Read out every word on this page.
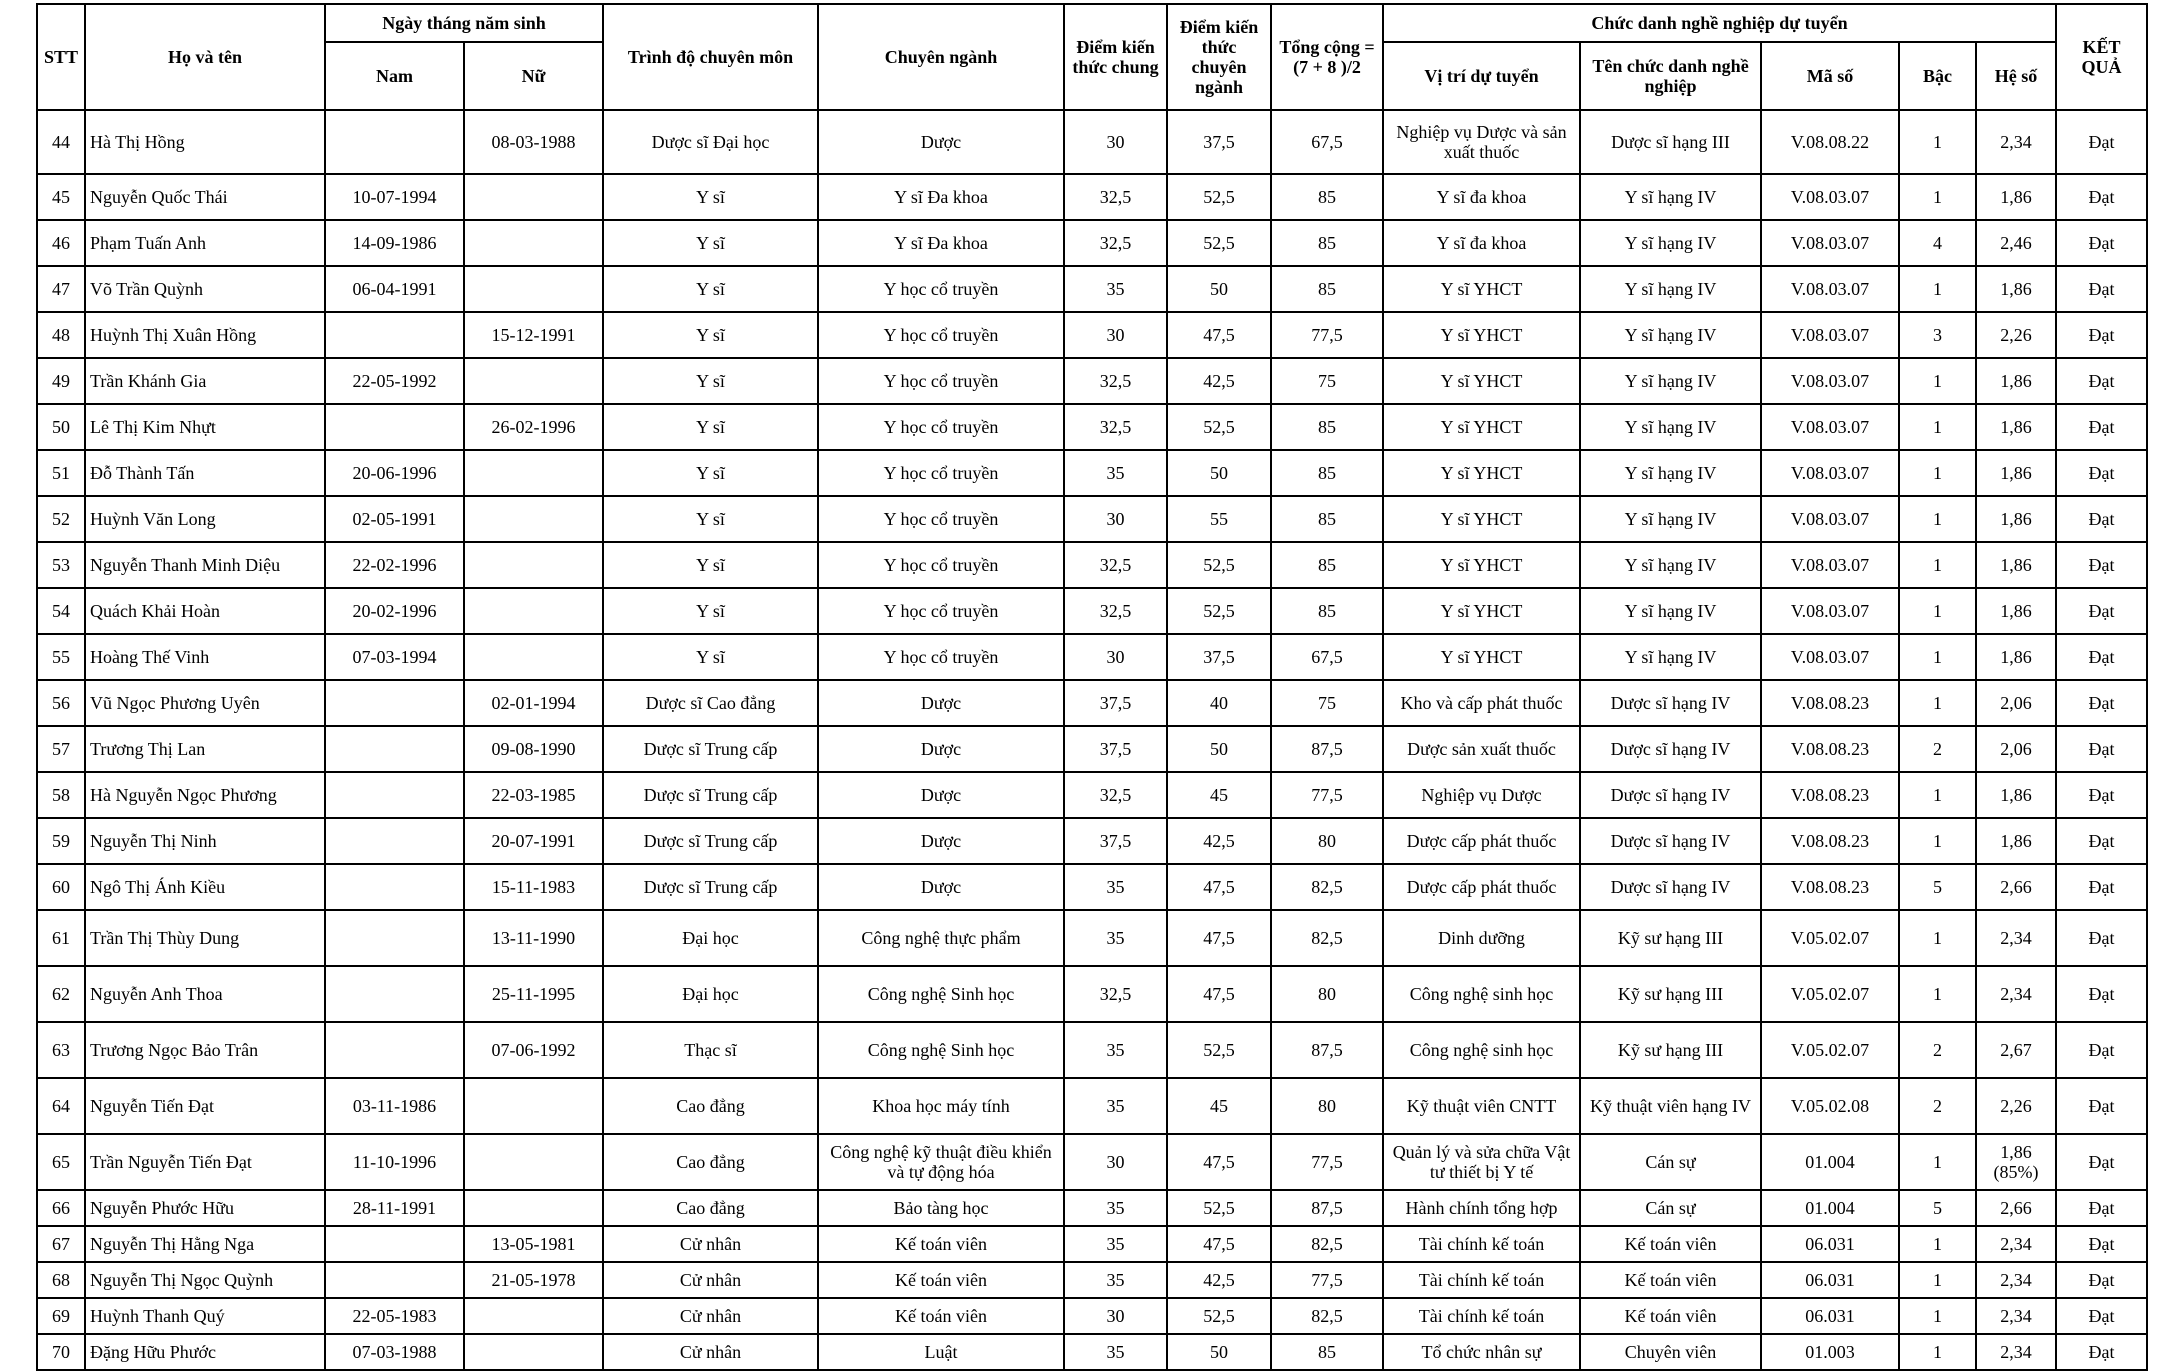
STT	Họ và tên	Ngày tháng năm sinh		Trình độ chuyên môn	Chuyên ngành	Điểm kiến thức chung	Điểm kiến thức chuyên ngành	Tổng cộng = (7 + 8 )/2	Chức danh nghề nghiệp dự tuyển					KẾT QUẢ
		Nam	Nữ						Vị trí dự tuyển	Tên chức danh nghề nghiệp	Mã số	Bậc	Hệ số	
44	Hà Thị Hồng		08-03-1988	Dược sĩ Đại học	Dược	30	37,5	67,5	Nghiệp vụ Dược và sản xuất thuốc	Dược sĩ hạng III	V.08.08.22	1	2,34	Đạt
45	Nguyễn Quốc Thái	10-07-1994		Y sĩ	Y sĩ Đa khoa	32,5	52,5	85	Y sĩ đa khoa	Y sĩ hạng IV	V.08.03.07	1	1,86	Đạt
46	Phạm Tuấn Anh	14-09-1986		Y sĩ	Y sĩ Đa khoa	32,5	52,5	85	Y sĩ đa khoa	Y sĩ hạng IV	V.08.03.07	4	2,46	Đạt
47	Võ Trần Quỳnh	06-04-1991		Y sĩ	Y học cổ truyền	35	50	85	Y sĩ YHCT	Y sĩ hạng IV	V.08.03.07	1	1,86	Đạt
48	Huỳnh Thị Xuân Hồng		15-12-1991	Y sĩ	Y học cổ truyền	30	47,5	77,5	Y sĩ YHCT	Y sĩ hạng IV	V.08.03.07	3	2,26	Đạt
49	Trần Khánh Gia	22-05-1992		Y sĩ	Y học cổ truyền	32,5	42,5	75	Y sĩ YHCT	Y sĩ hạng IV	V.08.03.07	1	1,86	Đạt
50	Lê Thị Kim Nhựt		26-02-1996	Y sĩ	Y học cổ truyền	32,5	52,5	85	Y sĩ YHCT	Y sĩ hạng IV	V.08.03.07	1	1,86	Đạt
51	Đỗ Thành Tấn	20-06-1996		Y sĩ	Y học cổ truyền	35	50	85	Y sĩ YHCT	Y sĩ hạng IV	V.08.03.07	1	1,86	Đạt
52	Huỳnh Văn Long	02-05-1991		Y sĩ	Y học cổ truyền	30	55	85	Y sĩ YHCT	Y sĩ hạng IV	V.08.03.07	1	1,86	Đạt
53	Nguyễn Thanh Minh Diệu	22-02-1996		Y sĩ	Y học cổ truyền	32,5	52,5	85	Y sĩ YHCT	Y sĩ hạng IV	V.08.03.07	1	1,86	Đạt
54	Quách Khải Hoàn	20-02-1996		Y sĩ	Y học cổ truyền	32,5	52,5	85	Y sĩ YHCT	Y sĩ hạng IV	V.08.03.07	1	1,86	Đạt
55	Hoàng Thế Vinh	07-03-1994		Y sĩ	Y học cổ truyền	30	37,5	67,5	Y sĩ YHCT	Y sĩ hạng IV	V.08.03.07	1	1,86	Đạt
56	Vũ Ngọc Phương Uyên		02-01-1994	Dược sĩ Cao đẳng	Dược	37,5	40	75	Kho và cấp phát thuốc	Dược sĩ hạng IV	V.08.08.23	1	2,06	Đạt
57	Trương Thị Lan		09-08-1990	Dược sĩ Trung cấp	Dược	37,5	50	87,5	Dược sản xuất thuốc	Dược sĩ hạng IV	V.08.08.23	2	2,06	Đạt
58	Hà Nguyễn Ngọc Phương		22-03-1985	Dược sĩ Trung cấp	Dược	32,5	45	77,5	Nghiệp vụ Dược	Dược sĩ hạng IV	V.08.08.23	1	1,86	Đạt
59	Nguyễn Thị Ninh		20-07-1991	Dược sĩ Trung cấp	Dược	37,5	42,5	80	Dược cấp phát thuốc	Dược sĩ hạng IV	V.08.08.23	1	1,86	Đạt
60	Ngô Thị Ánh Kiều		15-11-1983	Dược sĩ Trung cấp	Dược	35	47,5	82,5	Dược cấp phát thuốc	Dược sĩ hạng IV	V.08.08.23	5	2,66	Đạt
61	Trần Thị Thùy Dung		13-11-1990	Đại học	Công nghệ thực phẩm	35	47,5	82,5	Dinh dưỡng	Kỹ sư hạng III	V.05.02.07	1	2,34	Đạt
62	Nguyễn Anh Thoa		25-11-1995	Đại học	Công nghệ Sinh học	32,5	47,5	80	Công nghệ sinh học	Kỹ sư hạng III	V.05.02.07	1	2,34	Đạt
63	Trương Ngọc Bảo Trân		07-06-1992	Thạc sĩ	Công nghệ Sinh học	35	52,5	87,5	Công nghệ sinh học	Kỹ sư hạng III	V.05.02.07	2	2,67	Đạt
64	Nguyễn Tiến Đạt	03-11-1986		Cao đẳng	Khoa học máy tính	35	45	80	Kỹ thuật viên CNTT	Kỹ thuật viên hạng IV	V.05.02.08	2	2,26	Đạt
65	Trần Nguyễn Tiến Đạt	11-10-1996		Cao đẳng	Công nghệ kỹ thuật điều khiển và tự động hóa	30	47,5	77,5	Quản lý và sửa chữa Vật tư thiết bị Y tế	Cán sự	01.004	1	1,86 (85%)	Đạt
66	Nguyễn Phước Hữu	28-11-1991		Cao đẳng	Bảo tàng học	35	52,5	87,5	Hành chính tổng hợp	Cán sự	01.004	5	2,66	Đạt
67	Nguyễn Thị Hằng Nga		13-05-1981	Cử nhân	Kế toán viên	35	47,5	82,5	Tài chính kế toán	Kế toán viên	06.031	1	2,34	Đạt
68	Nguyễn Thị Ngọc Quỳnh		21-05-1978	Cử nhân	Kế toán viên	35	42,5	77,5	Tài chính kế toán	Kế toán viên	06.031	1	2,34	Đạt
69	Huỳnh Thanh Quý	22-05-1983		Cử nhân	Kế toán viên	30	52,5	82,5	Tài chính kế toán	Kế toán viên	06.031	1	2,34	Đạt
70	Đặng Hữu Phước	07-03-1988		Cử nhân	Luật	35	50	85	Tổ chức nhân sự	Chuyên viên	01.003	1	2,34	Đạt
